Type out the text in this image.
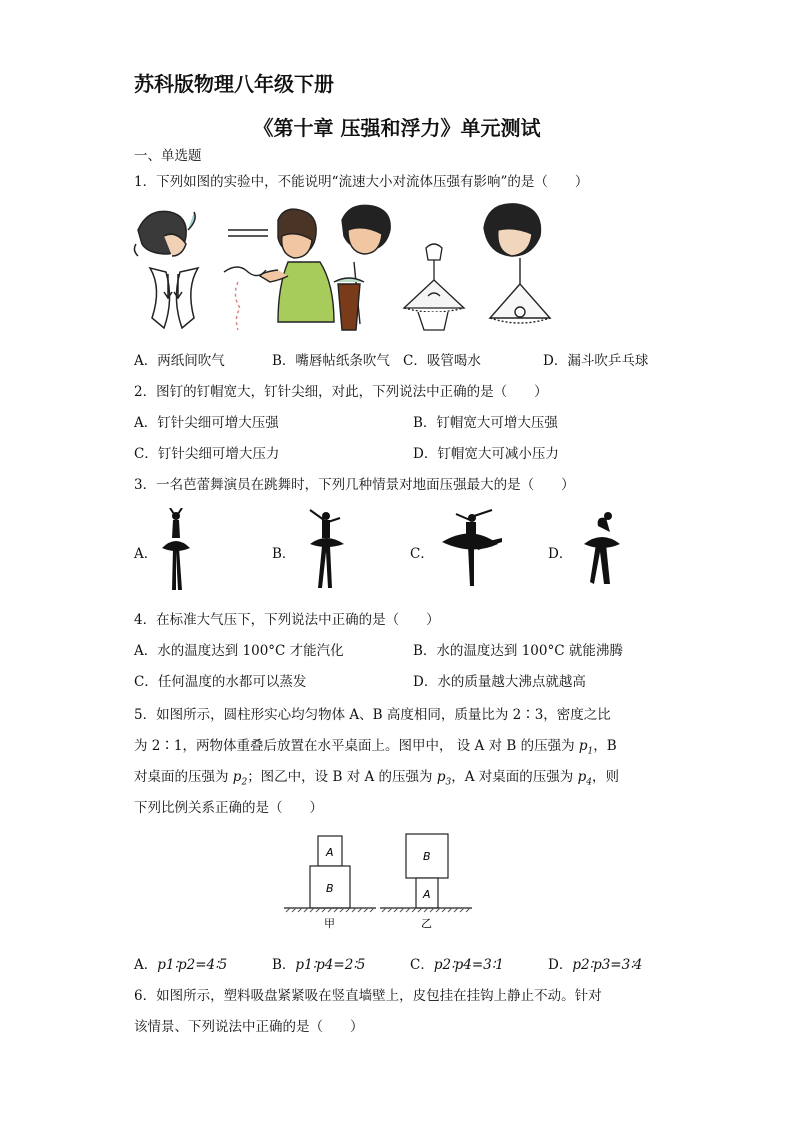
苏科版物理八年级下册
《第十章 压强和浮力》单元测试
一、单选题
1．下列如图的实验中，不能说明“流速大小对流体压强有影响”的是（　　）
A．两纸间吹气	B．嘴唇帖纸条吹气 C．吸管喝水	D．漏斗吹乒乓球
2．图钉的钉帽宽大，钉针尖细，对此，下列说法中正确的是（　　）
A．钉针尖细可增大压强	B．钉帽宽大可增大压强
C．钉针尖细可增大压力	D．钉帽宽大可减小压力
3．一名芭蕾舞演员在跳舞时，下列几种情景对地面压强最大的是（　　）
A．	B．	C．	D．
4．在标准大气压下，下列说法中正确的是（　　）
A．水的温度达到 100°C 才能汽化	B．水的温度达到 100°C 就能沸腾
C．任何温度的水都可以蒸发	D．水的质量越大沸点就越高
5．如图所示，圆柱形实心均匀物体 A、B 高度相同，质量比为 2∶3，密度之比
为 2∶1，两物体重叠后放置在水平桌面上。图甲中， 设 A 对 B 的压强为 $p_1$，B
对桌面的压强为 $p_2$；图乙中，设 B 对 A 的压强为 $p_3$，A 对桌面的压强为 $p_4$，则
下列比例关系正确的是（　　）
A
B
B
A
甲	乙
A．p1∶p2=4∶5	B．p1∶p4=2∶5	C．p2∶p4=3∶1	D．p2∶p3=3∶4
6．如图所示，塑料吸盘紧紧吸在竖直墙壁上，皮包挂在挂钩上静止不动。针对
该情景、下列说法中正确的是（　　）
